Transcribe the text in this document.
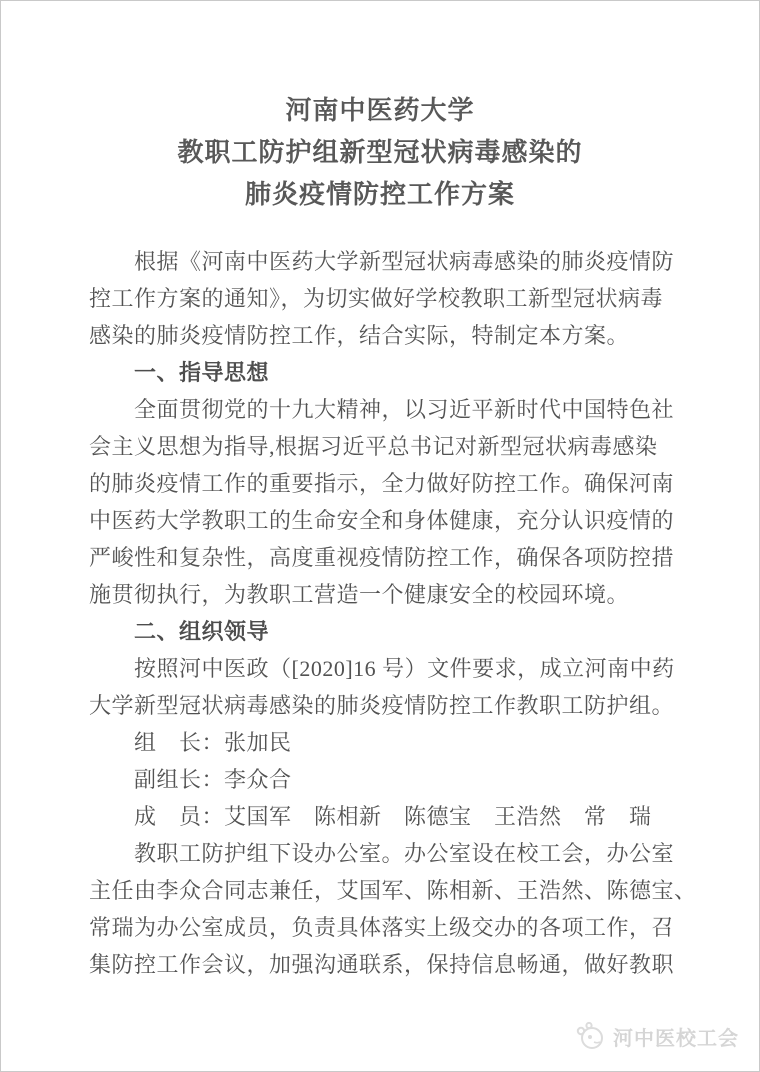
河南中医药大学
教职工防护组新型冠状病毒感染的
肺炎疫情防控工作方案
　　根据《河南中医药大学新型冠状病毒感染的肺炎疫情防
控工作方案的通知》，为切实做好学校教职工新型冠状病毒
感染的肺炎疫情防控工作，结合实际，特制定本方案。
　　一、指导思想
　　全面贯彻党的十九大精神，以习近平新时代中国特色社
会主义思想为指导,根据习近平总书记对新型冠状病毒感染
的肺炎疫情工作的重要指示，全力做好防控工作。确保河南
中医药大学教职工的生命安全和身体健康，充分认识疫情的
严峻性和复杂性，高度重视疫情防控工作，确保各项防控措
施贯彻执行，为教职工营造一个健康安全的校园环境。
　　二、组织领导
　　按照河中医政（[2020]16 号）文件要求，成立河南中药
大学新型冠状病毒感染的肺炎疫情防控工作教职工防护组。
　　组　长：张加民
　　副组长：李众合
　　成　员：艾国军　陈相新　陈德宝　王浩然　常　瑞
　　教职工防护组下设办公室。办公室设在校工会，办公室
主任由李众合同志兼任，艾国军、陈相新、王浩然、陈德宝、
常瑞为办公室成员，负责具体落实上级交办的各项工作，召
集防控工作会议，加强沟通联系，保持信息畅通，做好教职
河中医校工会
